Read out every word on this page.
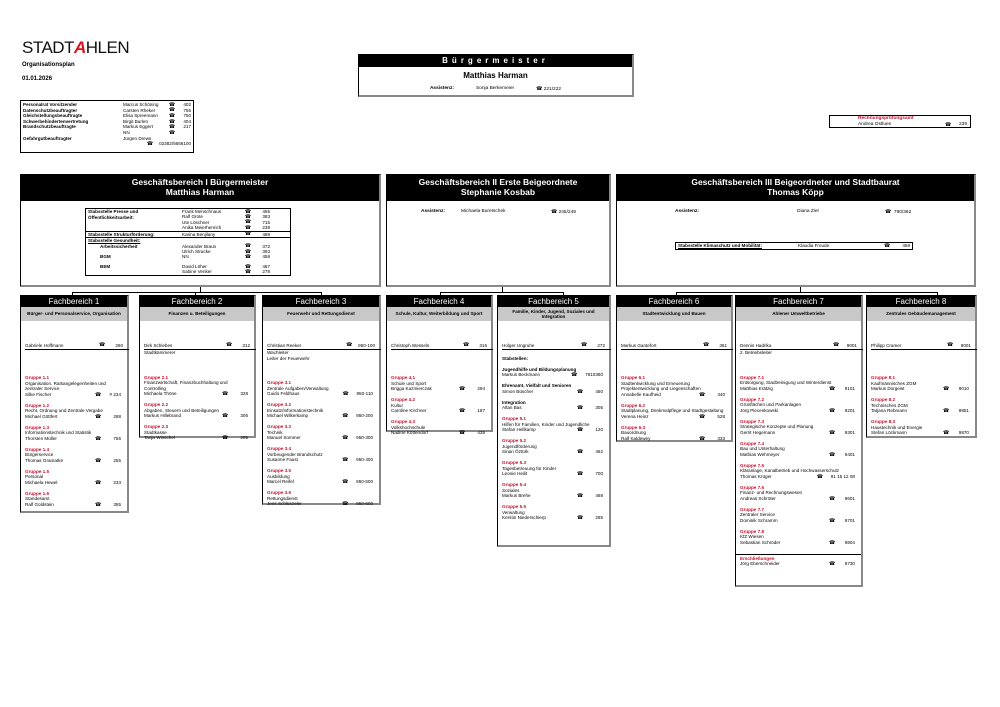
STADTAHLEN
Organisationsplan
01.01.2026
Personalrat Vorsitzender	Marcus Schöning	☎	402
Datenschutzbeauftragter	Carsten Rheker	☎	755
Gleichstellungsbeauftragte	Elisa Spreemann	☎	750
Schwerbehindertenvertretung	Birgit Burlen	☎	404
Brandschutzbeauftragte	Markus Eggert	☎	217
NN	☎
Gefahrgutbeauftragter	Jürgen Drews
☎ 02382/5656100
Bürgermeister
Matthias Harman
Assistenz:	Sonja Berkemeier	☎ 221/222
Rechnungsprüfungsamt
Andrea Ostlues	☎	239
Geschäftsbereich I Bürgermeister
Matthias Harman
Stabsstelle Presse und Öffentlichkeitsarbeit:
Frank Menschnaus	☎	455
Ralf Grote	☎	383
Ute Löschner	☎	715
Anika Meierhenrich	☎	238
Stabsstelle Strukturförderung:	Karina Benjilany	☎	488
Stabsstelle Gesundheit:
Arbeitssicherheit	Alexander Braun	☎	372
Ulrich Stracke	☎	393
BGM	NN	☎	458
BEM	David Löher	☎	487
Sabine Venker	☎	278
Geschäftsbereich II Erste Beigeordnete
Stephanie Kosbab
Assistenz:	Michaela Buretschek	☎ 245/249
Geschäftsbereich III Beigeordneter und Stadtbaurat
Thomas Köpp
Assistenz:	Diana Zier	☎ 790/362
Stabsstelle Klimaschutz und Mobilität:	Klaudia Froude	☎	458
Fachbereich 1
Bürger- und Personalservice, Organisation
Gabriele Hoffmann	☎	260
Gruppe 1.1
Organisation, Ratsangelegenheiten und zentraler Service
Silke Fischer	☎	# 234
Gruppe 1.2
Recht, Ordnung und Zentrale Vergabe
Michael Göttfert	☎	288
Gruppe 1.3
Informationstechnik und Statistik
Thorsten Müller	☎	756
Gruppe 1.4
Bürgerservice
Thomas Gramatke	☎	255
Gruppe 1.5
Personal
Michaela Hewel	☎	233
Gruppe 1.6
Standesamt
Ralf Goldstein	☎	355
Fachbereich 2
Finanzen u. Beteiligungen
Dirk Schlebes	☎	312
Stadtkämmerer
Gruppe 2.1
Finanzwirtschaft, Finanzbuchhaltung und Controlling
Michaela Thöne	☎	328
Gruppe 2.2
Abgaben, Steuern und Beteiligungen
Markus Hillebrand	☎	306
Gruppe 2.3
Stadtkasse
Tanja Winschel	☎	205
Fachbereich 3
Feuerwehr und Rettungsdienst
Christian Reeker	☎	950-100
Wachleiter
Leiter der Feuerwehr
Gruppe 3.1
Zentrale Aufgaben/Verwaltung
Guido Feldhaus	☎	950-110
Gruppe 3.2
Einsatz/Informationstechnik
Michael Wilkerkamp	☎	950-200
Gruppe 3.3
Technik
Manuel Sommer	☎	950-300
Gruppe 3.4
Vorbeugender Brandschutz
Susanne Faust	☎	950-400
Gruppe 3.5
Ausbildung
Marcel Reifel	☎	950-500
Gruppe 3.6
Rettungsdienst
Jens Schlüszeler	☎	950-600
Fachbereich 4
Schule, Kultur, Weiterbildung und Sport
Christoph Wessels	☎	316
Gruppe 4.1
Schule und Sport
Brigga Kazmierczak	☎	294
Gruppe 4.2
Kultur
Caroline Kirchner	☎	187
Gruppe 4.3
Volkshochschule
Nadine Köttendorf	☎	435
Fachbereich 5
Familie, Kinder, Jugend, Soziales und Integration
Holger Ungruhe	☎	272
Stabstellen:
Jugendhilfe und Bildungsplanung
Markus Beckmann	☎	7810360
Ehrenamt, Vielfalt und Senioren
Simon Büscher	☎	450
Integration
Altan Bas	☎	305
Gruppe 5.1
Hilfen für Familien, Kinder und Jugendliche
Stefan Hellkamp	☎	120
Gruppe 5.2
Jugendförderung
Sinan Öztürk	☎	462
Gruppe 5.3
Tagesbetreuung für Kinder
Leonie Heilit	☎	700
Gruppe 5.4
Soziales
Markus Brehe	☎	468
Gruppe 5.5
Verwaltung
Kerstin Niederschierp	☎	285
Fachbereich 6
Stadtentwicklung und Bauen
Markus Gantefort	☎	361
Gruppe 6.1
Stadtentwicklung und Erneuerung Projektentwicklung und Liegenschaften
Annabelle Kaufheid	☎	340
Gruppe 6.2
Stadtplanung, Denkmalpflege und Stadtgestaltung
Verena Heinz	☎	528
Gruppe 6.3
Bauordnung
Ralf Kaldewey	☎	333
Fachbereich 7
Ahlener Umweltbetriebe
Dennis Hadrika	☎	9001
2. Betriebsleiter
Gruppe 7.1
Entsorgung, Stadtreinigung und Winterdienst
Matthias Krätzig	☎	9101
Gruppe 7.2
Grünflächen und Parkanlagen
Jörg Piecenkowski	☎	9201
Gruppe 7.3
Strategische Konzepte und Planung
Gerrit Hegemann	☎	9301
Gruppe 7.4
Bau und Unterhaltung
Mathias Wehmeyer	☎	9401
Gruppe 7.5
Kläranlage, Kanalbetrieb und Hochwasserschutz
Thomas Krüger	☎	91 15 12 08
Gruppe 7.6
Finanz- und Rechnungswesen
Andreas Schröter	☎	9601
Gruppe 7.7
Zentraler Service
Dominik Schramm	☎	9701
Gruppe 7.8
KfZ Wiesen
Sebastian Schröder	☎	9804
Erschließungen
Jörg Eberschneider	☎	9730
Fachbereich 8
Zentrales Gebäudemanagement
Philipp Cramer	☎	9001
Gruppe 8.1
Kaufmännisches ZGM
Markus Dorgeist	☎	9010
Gruppe 8.2
Technisches ZGM
Tatjana Rebmann	☎	9851
Gruppe 8.3
Haustechnik und Energie
Stefan Löckmann	☎	9870
